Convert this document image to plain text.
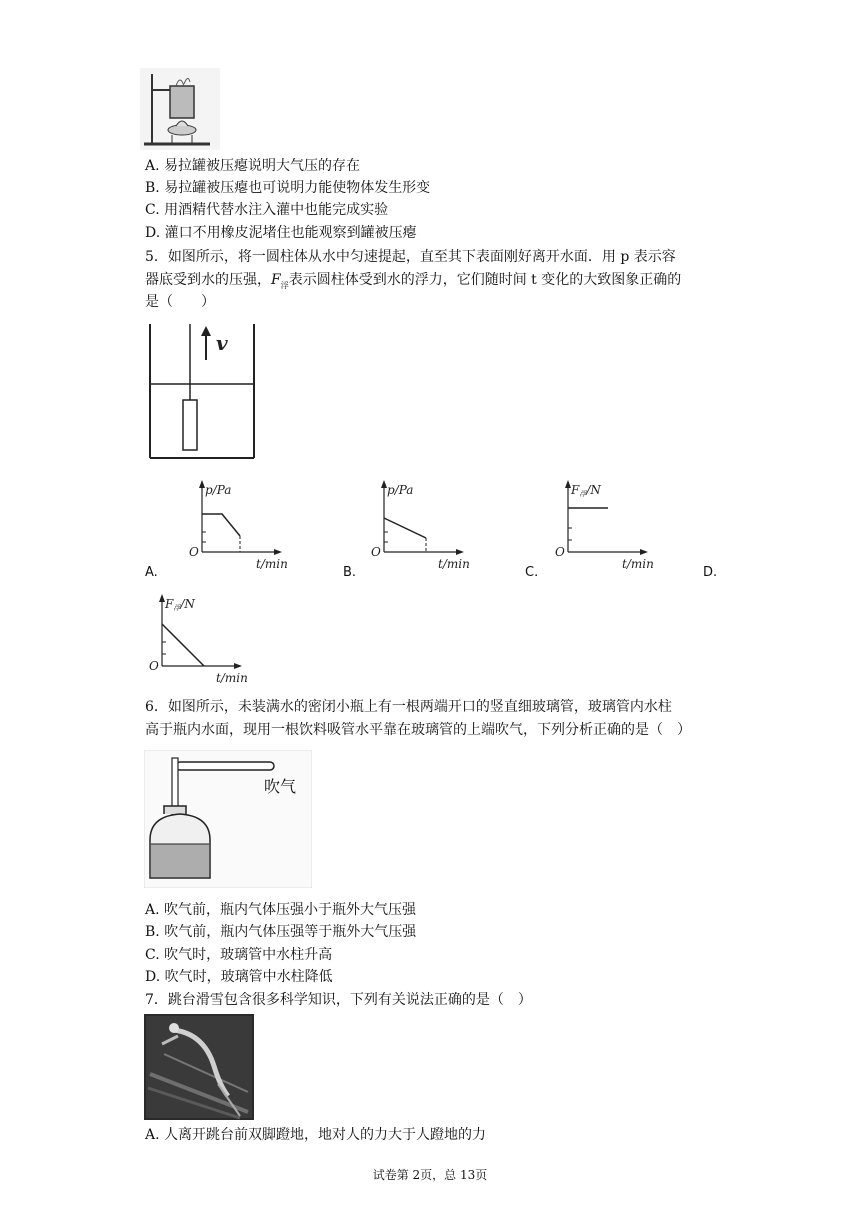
A. 易拉罐被压瘪说明大气压的存在
B. 易拉罐被压瘪也可说明力能使物体发生形变
C. 用酒精代替水注入灌中也能完成实验
D. 灌口不用橡皮泥堵住也能观察到罐被压瘪
5．如图所示，将一圆柱体从水中匀速提起，直至其下表面刚好离开水面．用 p 表示容
器底受到水的压强，$F_浮$表示圆柱体受到水的浮力，它们随时间 t 变化的大致图象正确的
是（　　）
v
p/Pa
O
t/min
p/Pa
O
t/min
F浮/N
O
t/min
A.	B.	C.	D.
F浮/N
O
t/min
6．如图所示，未装满水的密闭小瓶上有一根两端开口的竖直细玻璃管，玻璃管内水柱
高于瓶内水面，现用一根饮料吸管水平靠在玻璃管的上端吹气，下列分析正确的是（　）
吹气
A. 吹气前，瓶内气体压强小于瓶外大气压强
B. 吹气前，瓶内气体压强等于瓶外大气压强
C. 吹气时，玻璃管中水柱升高
D. 吹气时，玻璃管中水柱降低
7．跳台滑雪包含很多科学知识，下列有关说法正确的是（　）
A. 人离开跳台前双脚蹬地，地对人的力大于人蹬地的力
试卷第 2页，总 13页
